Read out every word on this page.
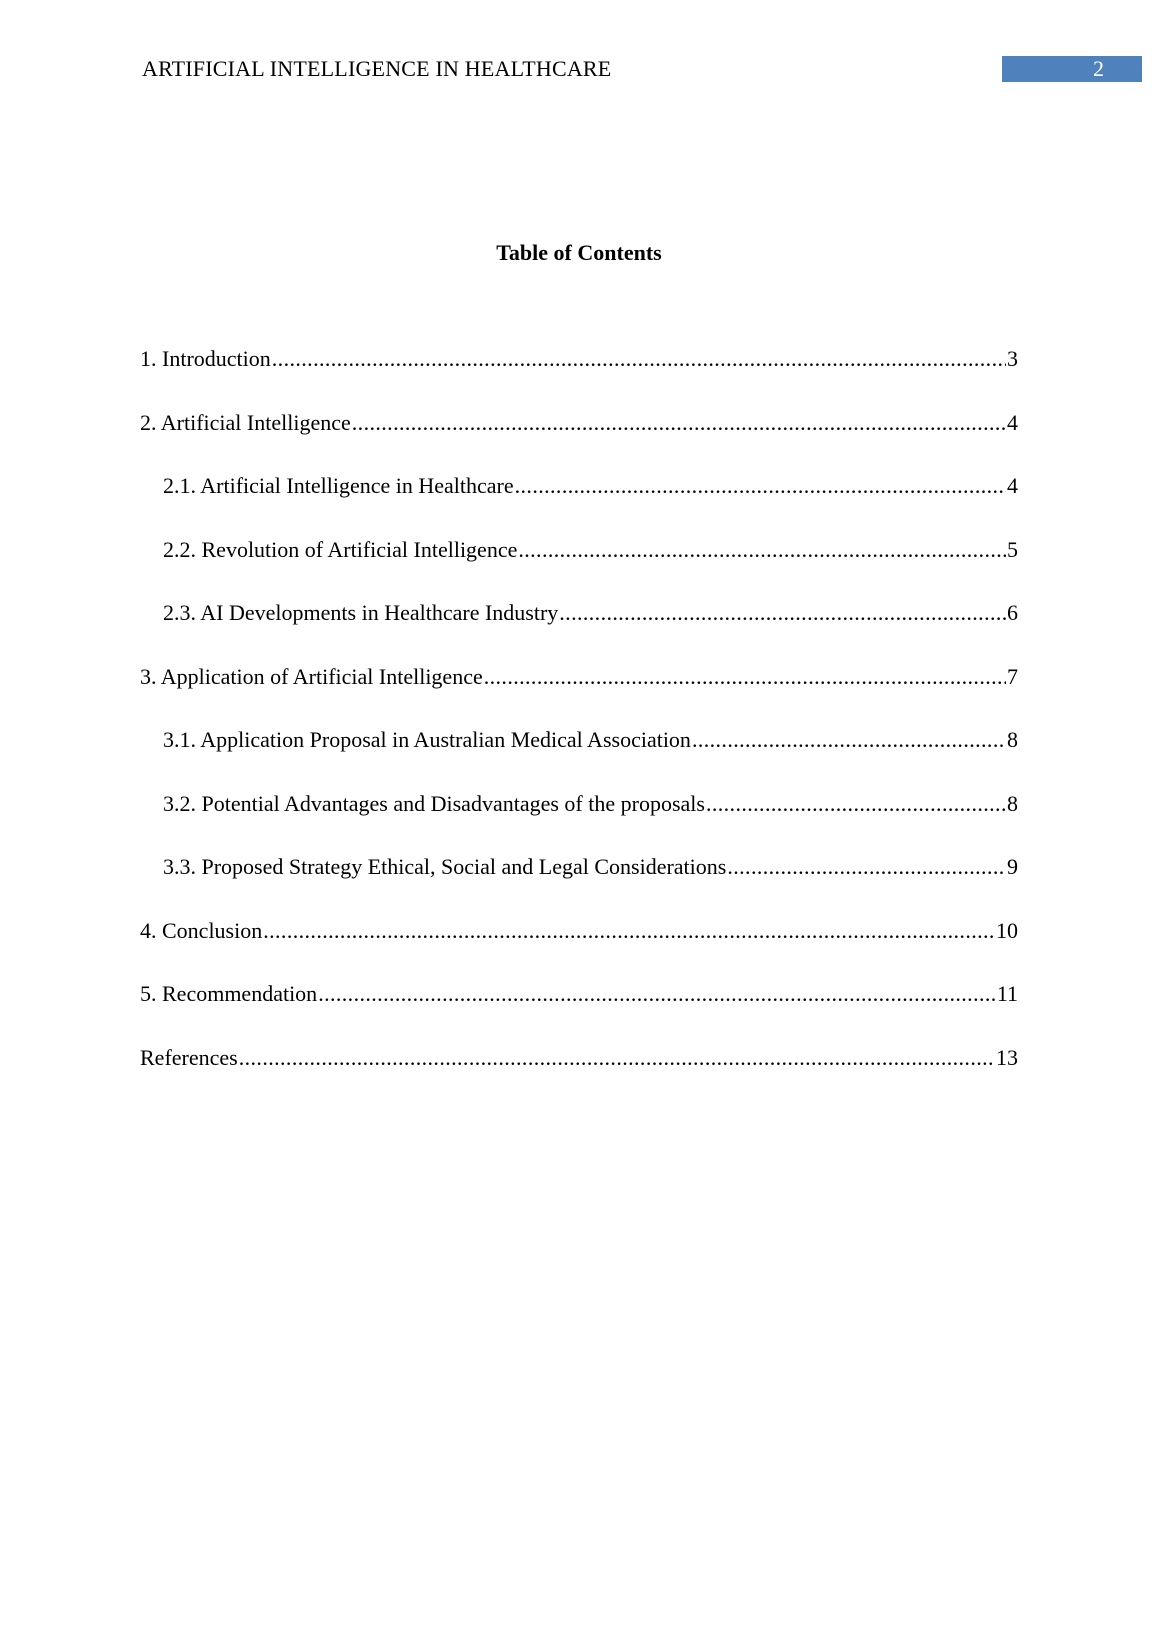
ARTIFICIAL INTELLIGENCE IN HEALTHCARE	2
Table of Contents
1. Introduction .....	3
2. Artificial Intelligence .....	4
2.1. Artificial Intelligence in Healthcare .....	4
2.2. Revolution of Artificial Intelligence .....	5
2.3. AI Developments in Healthcare Industry .....	6
3. Application of Artificial Intelligence .....	7
3.1. Application Proposal in Australian Medical Association .....	8
3.2. Potential Advantages and Disadvantages of the proposals .....	8
3.3. Proposed Strategy Ethical, Social and Legal Considerations .....	9
4. Conclusion .....	10
5. Recommendation .....	11
References .....	13
